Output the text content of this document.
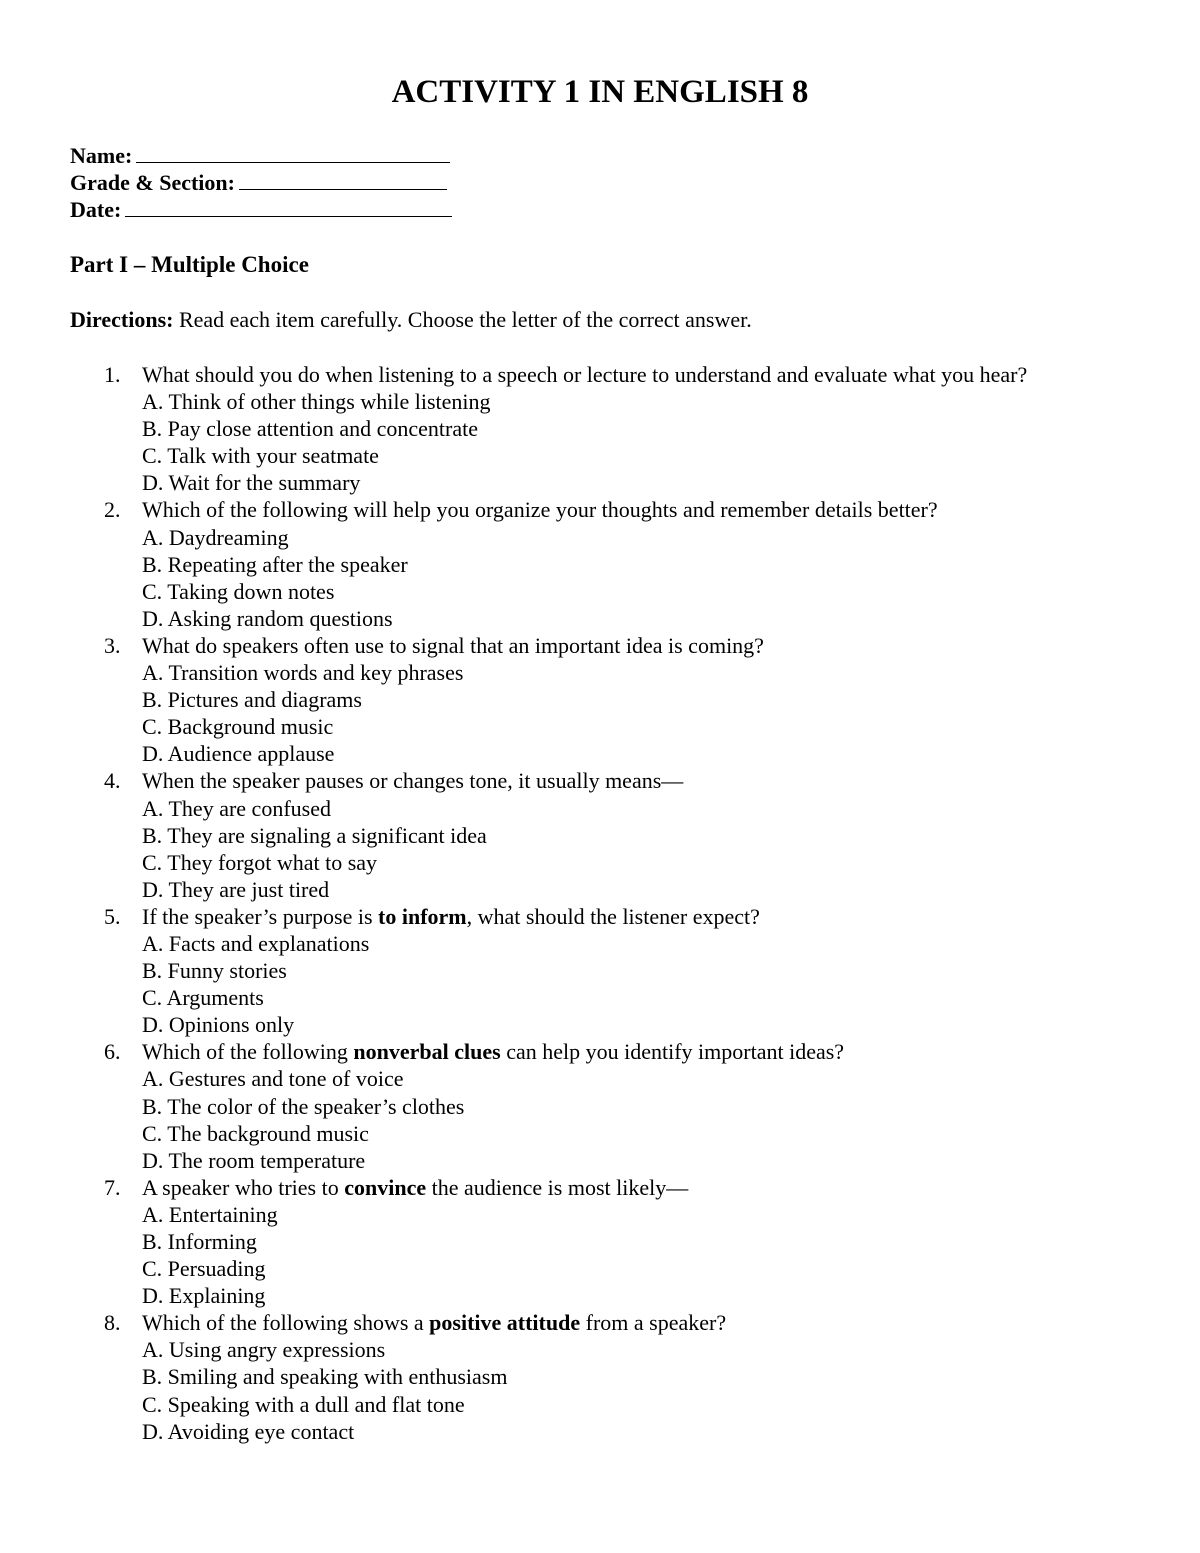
ACTIVITY 1 IN ENGLISH 8
Name:
Grade & Section:
Date:
Part I – Multiple Choice
Directions: Read each item carefully. Choose the letter of the correct answer.
1. What should you do when listening to a speech or lecture to understand and evaluate what you hear?
A. Think of other things while listening
B. Pay close attention and concentrate
C. Talk with your seatmate
D. Wait for the summary
2. Which of the following will help you organize your thoughts and remember details better?
A. Daydreaming
B. Repeating after the speaker
C. Taking down notes
D. Asking random questions
3. What do speakers often use to signal that an important idea is coming?
A. Transition words and key phrases
B. Pictures and diagrams
C. Background music
D. Audience applause
4. When the speaker pauses or changes tone, it usually means—
A. They are confused
B. They are signaling a significant idea
C. They forgot what to say
D. They are just tired
5. If the speaker’s purpose is to inform, what should the listener expect?
A. Facts and explanations
B. Funny stories
C. Arguments
D. Opinions only
6. Which of the following nonverbal clues can help you identify important ideas?
A. Gestures and tone of voice
B. The color of the speaker’s clothes
C. The background music
D. The room temperature
7. A speaker who tries to convince the audience is most likely—
A. Entertaining
B. Informing
C. Persuading
D. Explaining
8. Which of the following shows a positive attitude from a speaker?
A. Using angry expressions
B. Smiling and speaking with enthusiasm
C. Speaking with a dull and flat tone
D. Avoiding eye contact
